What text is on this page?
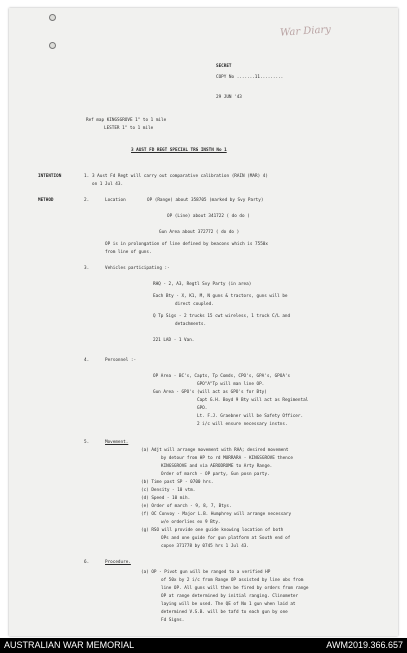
War Diary
SECRET
COPY No .......11.........
29 JUN '43
Ref map KINGSGROVE 1" to 1 mile
LESTER 1" to 1 mile
3 AUST FD REGT SPECIAL TRG INSTN No 1
INTENTION	1. 3 Aust Fd Regt will carry out comparative calibration (RAIN (MAR) 4)
on 1 Jul 43.
METHOD	2.	Location	OP (Range) about 358705 (marked by Svy Party)
OP (Line) about 341722 ( do do )
Gun Area about 372772 ( do do )
OP is in prolongation of line defined by beacons which is 7550x
from line of guns.
3.	Vehicles participating :-
RHQ - 2, A3, Regtl Svy Party (in area)
Each Bty - X, K1, M, N guns & tractors, guns will be
direct coupled.
Q Tp Sigs - 2 trucks 15 cwt wireless, 1 truck C/L and
detachments.
221 LAD - 1 Van.
4.	Personnel :-
OP Area - BC's, Capts, Tp Comds, CPO's, GPA's, GPOA's
GPO"A"Tp will man line OP.
Gun Area - GPO's (will act as GPO's for Bty)
Capt G.H. Boyd 9 Bty will act as Regimental
GPO.
Lt. F.J. Graebner will be Safety Officer.
2 i/c will ensure necessary instns.
5.	Movement.
(a) Adjt will arrange movement with RAA; desired movement
by detour from HP to rd MURRARA - KINGSGROVE thence
KINGSGROVE and via AERODROME to Arty Range.
Order of march - OP party, Gun posn party.
(b) Time past SP - 0700 hrs.
(c) Density - 10 vtm.
(d) Speed - 10 mih.
(e) Order of march - 9, 8, 7, Btys.
(f) OC Convoy - Major L.B. Humphrey will arrange necessary
w/e orderlies ex 9 Bty.
(g) RSO will provide one guide knowing location of both
OPs and one guide for gun platform at South end of
copse 371778 by 0745 hrs 1 Jul 43.
6.	Procedure.
(a) OP - Pivot gun will be ranged to a verified HP
of 50x by 2 i/c from Range OP assisted by line obs from
line OP. All guns will then be fired by orders from range
OP at range determined by initial ranging. Clinometer
laying will be used. The QE of No 1 gun when laid at
determined V.S.B. will be tafd to each gun by one
Fd Signs.
AUSTRALIAN WAR MEMORIAL	AWM2019.366.657
